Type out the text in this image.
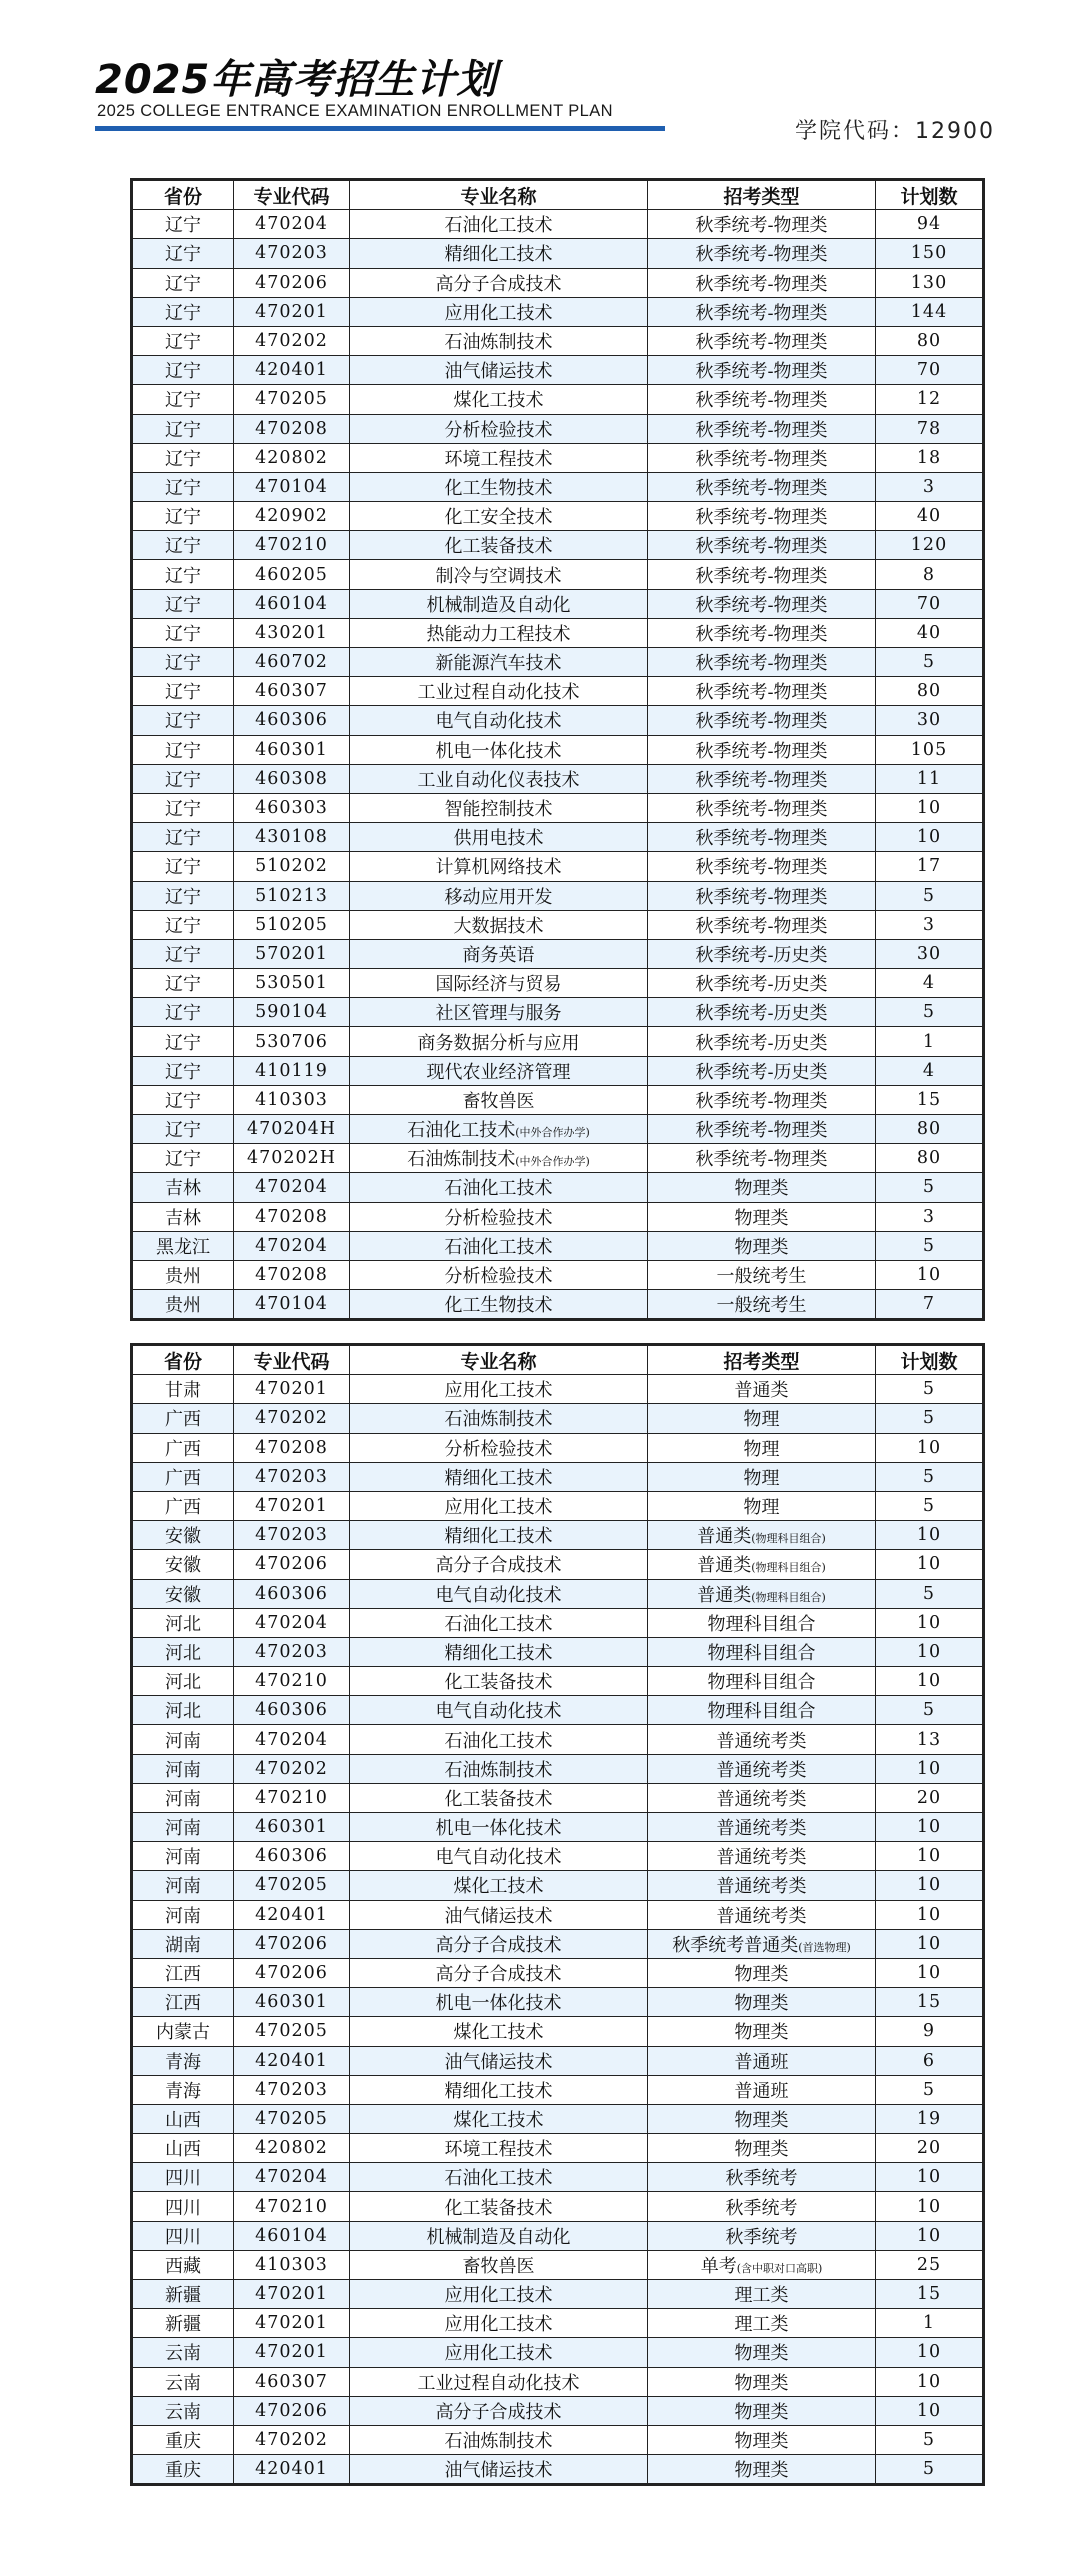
2025年高考招生计划
2025 COLLEGE ENTRANCE EXAMINATION ENROLLMENT PLAN
学院代码：12900
省份	专业代码	专业名称	招考类型	计划数
辽宁	470204	石油化工技术	秋季统考-物理类	94
辽宁	470203	精细化工技术	秋季统考-物理类	150
辽宁	470206	高分子合成技术	秋季统考-物理类	130
辽宁	470201	应用化工技术	秋季统考-物理类	144
辽宁	470202	石油炼制技术	秋季统考-物理类	80
辽宁	420401	油气储运技术	秋季统考-物理类	70
辽宁	470205	煤化工技术	秋季统考-物理类	12
辽宁	470208	分析检验技术	秋季统考-物理类	78
辽宁	420802	环境工程技术	秋季统考-物理类	18
辽宁	470104	化工生物技术	秋季统考-物理类	3
辽宁	420902	化工安全技术	秋季统考-物理类	40
辽宁	470210	化工装备技术	秋季统考-物理类	120
辽宁	460205	制冷与空调技术	秋季统考-物理类	8
辽宁	460104	机械制造及自动化	秋季统考-物理类	70
辽宁	430201	热能动力工程技术	秋季统考-物理类	40
辽宁	460702	新能源汽车技术	秋季统考-物理类	5
辽宁	460307	工业过程自动化技术	秋季统考-物理类	80
辽宁	460306	电气自动化技术	秋季统考-物理类	30
辽宁	460301	机电一体化技术	秋季统考-物理类	105
辽宁	460308	工业自动化仪表技术	秋季统考-物理类	11
辽宁	460303	智能控制技术	秋季统考-物理类	10
辽宁	430108	供用电技术	秋季统考-物理类	10
辽宁	510202	计算机网络技术	秋季统考-物理类	17
辽宁	510213	移动应用开发	秋季统考-物理类	5
辽宁	510205	大数据技术	秋季统考-物理类	3
辽宁	570201	商务英语	秋季统考-历史类	30
辽宁	530501	国际经济与贸易	秋季统考-历史类	4
辽宁	590104	社区管理与服务	秋季统考-历史类	5
辽宁	530706	商务数据分析与应用	秋季统考-历史类	1
辽宁	410119	现代农业经济管理	秋季统考-历史类	4
辽宁	410303	畜牧兽医	秋季统考-物理类	15
辽宁	470204H	石油化工技术(中外合作办学)	秋季统考-物理类	80
辽宁	470202H	石油炼制技术(中外合作办学)	秋季统考-物理类	80
吉林	470204	石油化工技术	物理类	5
吉林	470208	分析检验技术	物理类	3
黑龙江	470204	石油化工技术	物理类	5
贵州	470208	分析检验技术	一般统考生	10
贵州	470104	化工生物技术	一般统考生	7
省份	专业代码	专业名称	招考类型	计划数
甘肃	470201	应用化工技术	普通类	5
广西	470202	石油炼制技术	物理	5
广西	470208	分析检验技术	物理	10
广西	470203	精细化工技术	物理	5
广西	470201	应用化工技术	物理	5
安徽	470203	精细化工技术	普通类(物理科目组合)	10
安徽	470206	高分子合成技术	普通类(物理科目组合)	10
安徽	460306	电气自动化技术	普通类(物理科目组合)	5
河北	470204	石油化工技术	物理科目组合	10
河北	470203	精细化工技术	物理科目组合	10
河北	470210	化工装备技术	物理科目组合	10
河北	460306	电气自动化技术	物理科目组合	5
河南	470204	石油化工技术	普通统考类	13
河南	470202	石油炼制技术	普通统考类	10
河南	470210	化工装备技术	普通统考类	20
河南	460301	机电一体化技术	普通统考类	10
河南	460306	电气自动化技术	普通统考类	10
河南	470205	煤化工技术	普通统考类	10
河南	420401	油气储运技术	普通统考类	10
湖南	470206	高分子合成技术	秋季统考普通类(首选物理)	10
江西	470206	高分子合成技术	物理类	10
江西	460301	机电一体化技术	物理类	15
内蒙古	470205	煤化工技术	物理类	9
青海	420401	油气储运技术	普通班	6
青海	470203	精细化工技术	普通班	5
山西	470205	煤化工技术	物理类	19
山西	420802	环境工程技术	物理类	20
四川	470204	石油化工技术	秋季统考	10
四川	470210	化工装备技术	秋季统考	10
四川	460104	机械制造及自动化	秋季统考	10
西藏	410303	畜牧兽医	单考(含中职对口高职)	25
新疆	470201	应用化工技术	理工类	15
新疆	470201	应用化工技术	理工类	1
云南	470201	应用化工技术	物理类	10
云南	460307	工业过程自动化技术	物理类	10
云南	470206	高分子合成技术	物理类	10
重庆	470202	石油炼制技术	物理类	5
重庆	420401	油气储运技术	物理类	5
